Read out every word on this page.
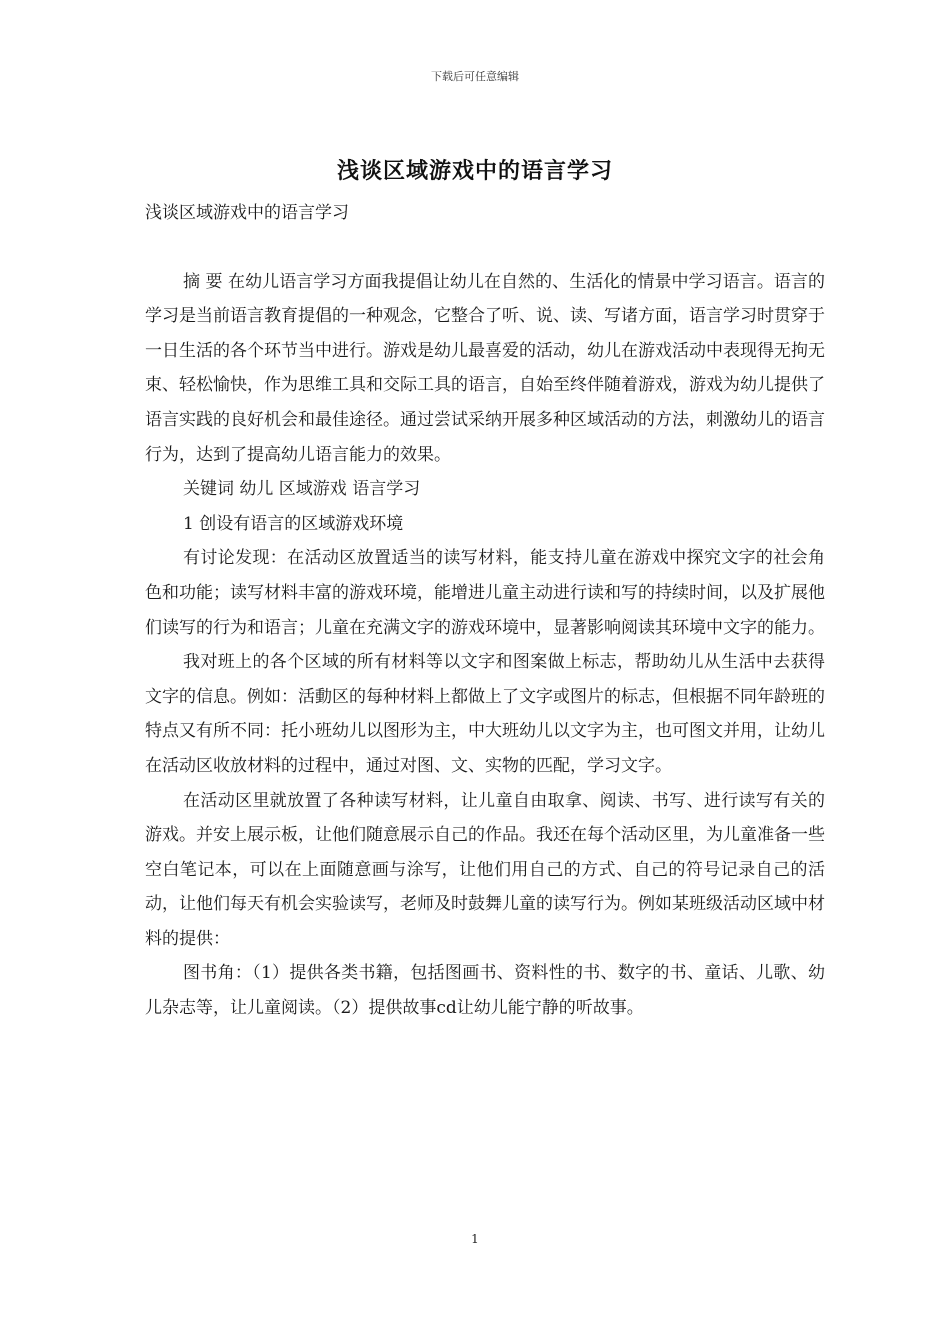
下载后可任意编辑
浅谈区域游戏中的语言学习

浅谈区域游戏中的语言学习

摘 要 在幼儿语言学习方面我提倡让幼儿在自然的、生活化的情景中学习语言。语言的学习是当前语言教育提倡的一种观念，它整合了听、说、读、写诸方面，语言学习时贯穿于一日生活的各个环节当中进行。游戏是幼儿最喜爱的活动，幼儿在游戏活动中表现得无拘无束、轻松愉快，作为思维工具和交际工具的语言，自始至终伴随着游戏，游戏为幼儿提供了语言实践的良好机会和最佳途径。通过尝试采纳开展多种区域活动的方法，刺激幼儿的语言行为，达到了提高幼儿语言能力的效果。

关键词 幼儿 区域游戏 语言学习

1 创设有语言的区域游戏环境

有讨论发现：在活动区放置适当的读写材料，能支持儿童在游戏中探究文字的社会角色和功能；读写材料丰富的游戏环境，能增进儿童主动进行读和写的持续时间，以及扩展他们读写的行为和语言；儿童在充满文字的游戏环境中，显著影响阅读其环境中文字的能力。

我对班上的各个区域的所有材料等以文字和图案做上标志，帮助幼儿从生活中去获得文字的信息。例如：活動区的每种材料上都做上了文字或图片的标志，但根据不同年龄班的特点又有所不同：托小班幼儿以图形为主，中大班幼儿以文字为主，也可图文并用，让幼儿在活动区收放材料的过程中，通过对图、文、实物的匹配，学习文字。

在活动区里就放置了各种读写材料，让儿童自由取拿、阅读、书写、进行读写有关的游戏。并安上展示板，让他们随意展示自己的作品。我还在每个活动区里，为儿童准备一些空白笔记本，可以在上面随意画与涂写，让他们用自己的方式、自己的符号记录自己的活动，让他们每天有机会实验读写，老师及时鼓舞儿童的读写行为。例如某班级活动区域中材料的提供：

图书角：（1）提供各类书籍，包括图画书、资料性的书、数字的书、童话、儿歌、幼儿杂志等，让儿童阅读。（2）提供故事cd让幼儿能宁静的听故事。

1
